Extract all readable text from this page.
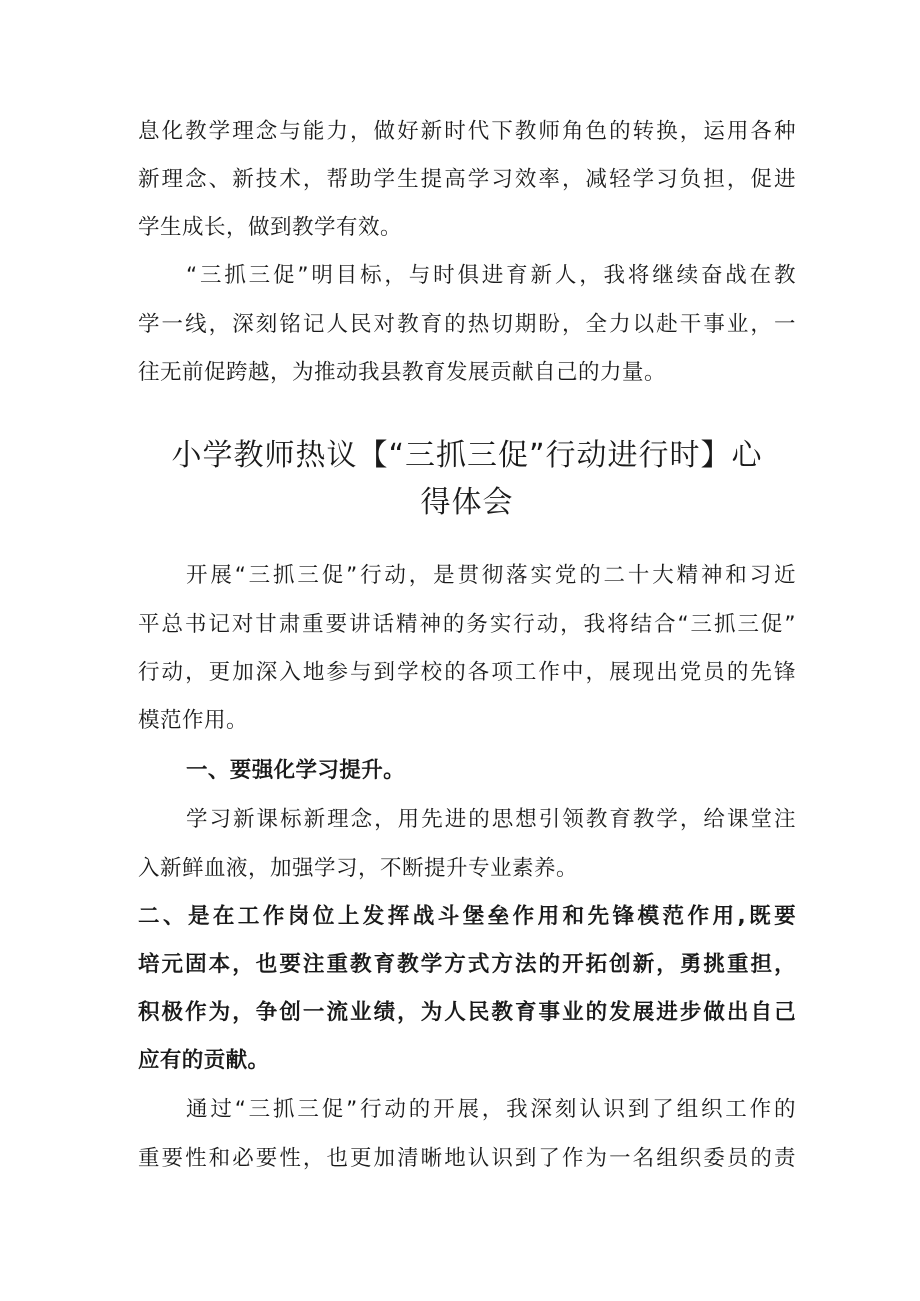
息化教学理念与能力，做好新时代下教师角色的转换，运用各种
新理念、新技术，帮助学生提高学习效率，减轻学习负担，促进
学生成长，做到教学有效。
“三抓三促”明目标，与时俱进育新人，我将继续奋战在教
学一线，深刻铭记人民对教育的热切期盼，全力以赴干事业，一
往无前促跨越，为推动我县教育发展贡献自己的力量。
小学教师热议【“三抓三促”行动进行时】心
得体会
开展“三抓三促”行动，是贯彻落实党的二十大精神和习近
平总书记对甘肃重要讲话精神的务实行动，我将结合“三抓三促”
行动，更加深入地参与到学校的各项工作中，展现出党员的先锋
模范作用。
一、要强化学习提升。
学习新课标新理念，用先进的思想引领教育教学，给课堂注
入新鲜血液，加强学习，不断提升专业素养。
二、是在工作岗位上发挥战斗堡垒作用和先锋模范作用,既要
培元固本，也要注重教育教学方式方法的开拓创新，勇挑重担，
积极作为，争创一流业绩，为人民教育事业的发展进步做出自己
应有的贡献。
通过“三抓三促”行动的开展，我深刻认识到了组织工作的
重要性和必要性，也更加清晰地认识到了作为一名组织委员的责
